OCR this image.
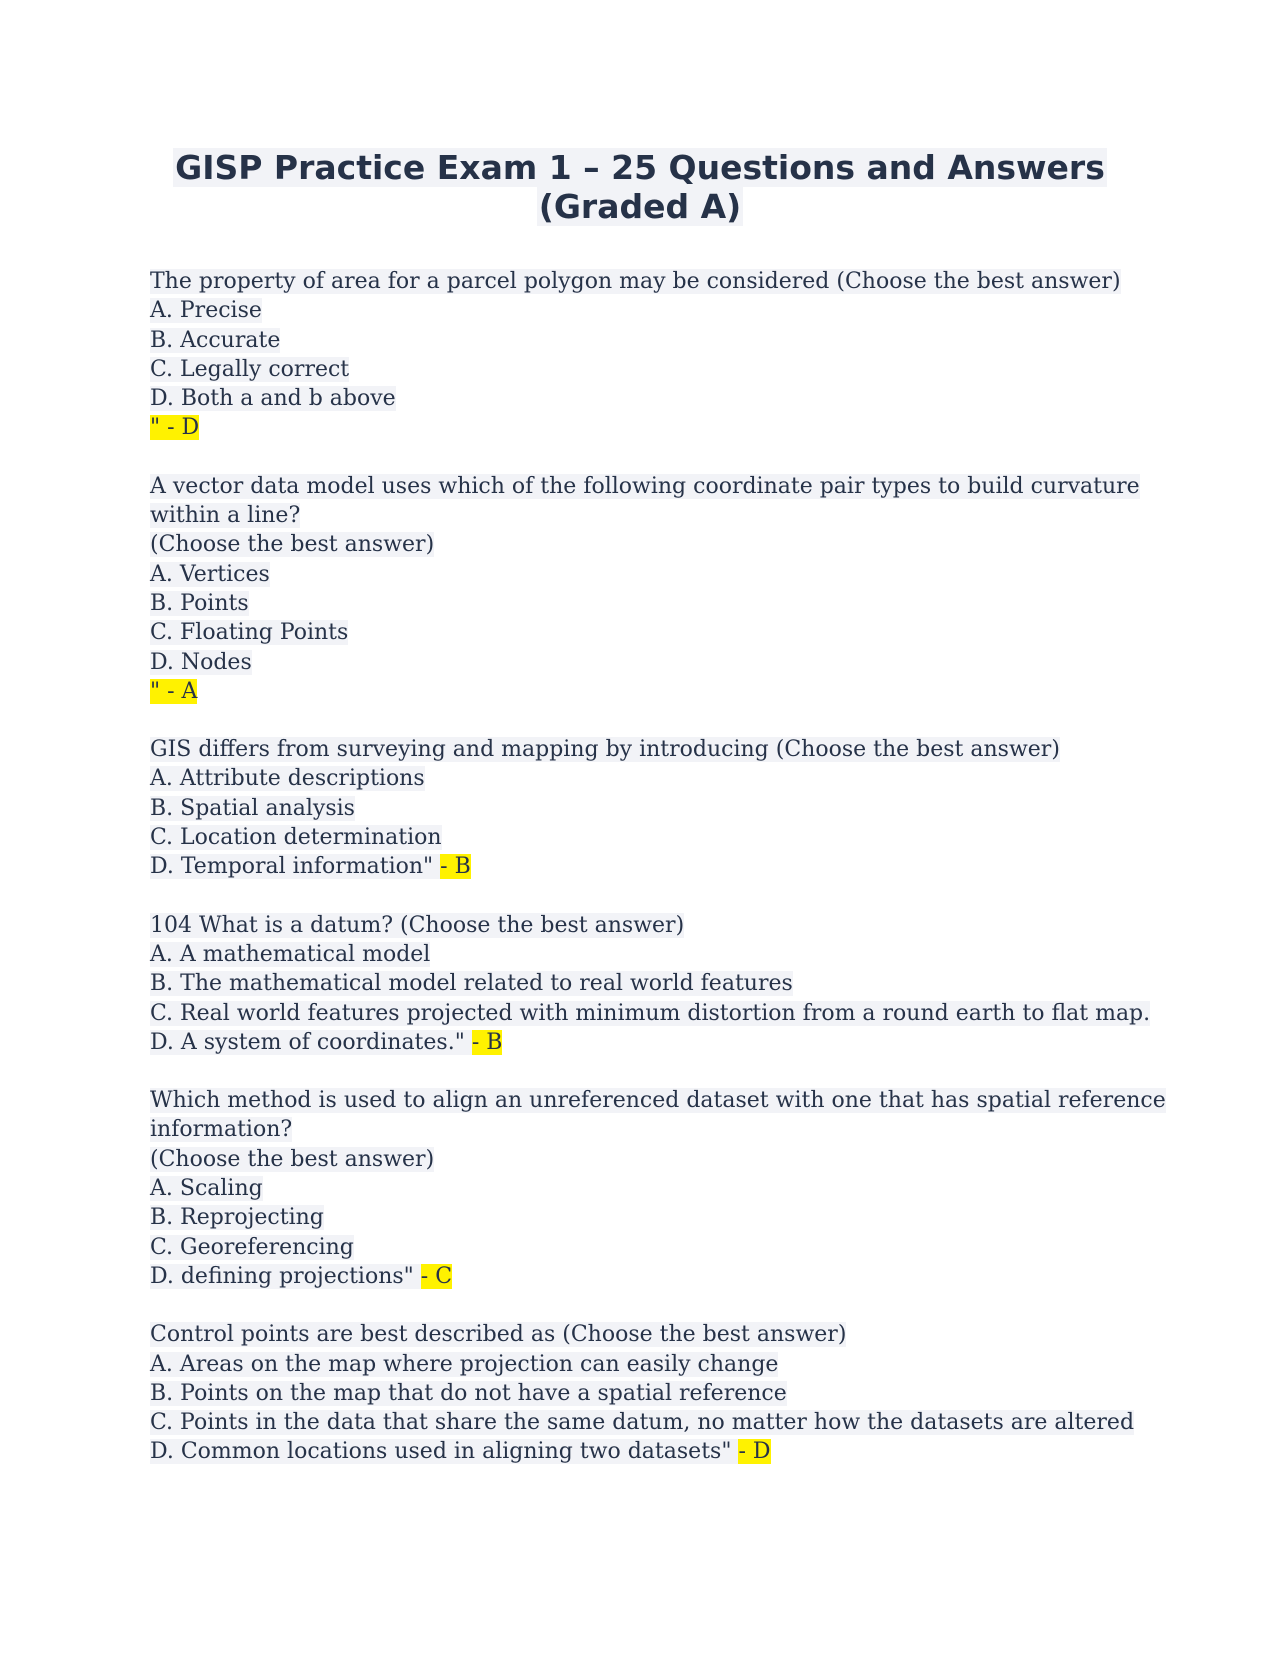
GISP Practice Exam 1 – 25 Questions and Answers
(Graded A)
The property of area for a parcel polygon may be considered (Choose the best answer)
A. Precise
B. Accurate
C. Legally correct
D. Both a and b above
" - D
A vector data model uses which of the following coordinate pair types to build curvature
within a line?
(Choose the best answer)
A. Vertices
B. Points
C. Floating Points
D. Nodes
" - A
GIS differs from surveying and mapping by introducing (Choose the best answer)
A. Attribute descriptions
B. Spatial analysis
C. Location determination
D. Temporal information" - B
104 What is a datum? (Choose the best answer)
A. A mathematical model
B. The mathematical model related to real world features
C. Real world features projected with minimum distortion from a round earth to flat map.
D. A system of coordinates." - B
Which method is used to align an unreferenced dataset with one that has spatial reference
information?
(Choose the best answer)
A. Scaling
B. Reprojecting
C. Georeferencing
D. defining projections" - C
Control points are best described as (Choose the best answer)
A. Areas on the map where projection can easily change
B. Points on the map that do not have a spatial reference
C. Points in the data that share the same datum, no matter how the datasets are altered
D. Common locations used in aligning two datasets" - D
